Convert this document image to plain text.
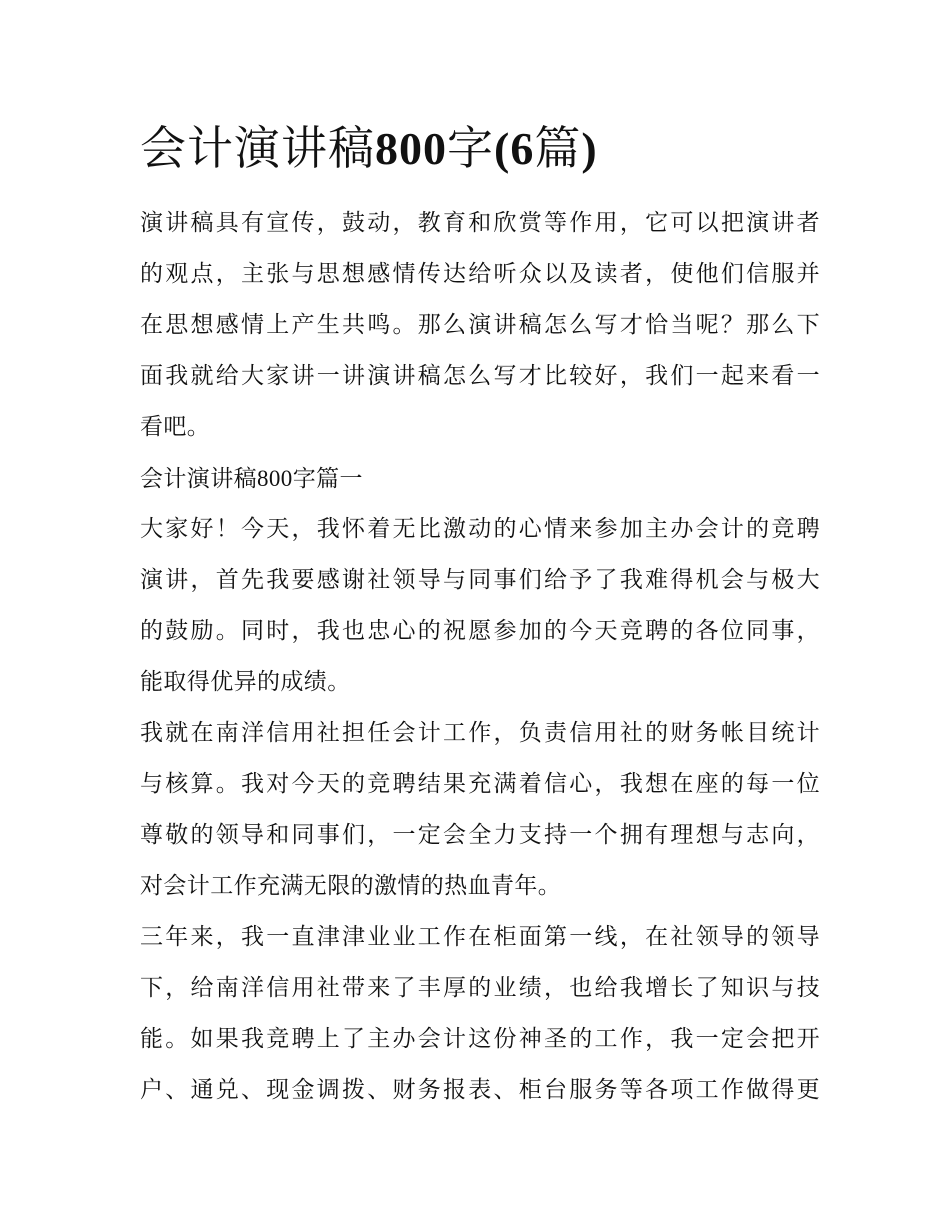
会计演讲稿800字(6篇)
演讲稿具有宣传，鼓动，教育和欣赏等作用，它可以把演讲者
的观点，主张与思想感情传达给听众以及读者，使他们信服并
在思想感情上产生共鸣。那么演讲稿怎么写才恰当呢？那么下
面我就给大家讲一讲演讲稿怎么写才比较好，我们一起来看一
看吧。
会计演讲稿800字篇一
大家好！今天，我怀着无比激动的心情来参加主办会计的竞聘
演讲，首先我要感谢社领导与同事们给予了我难得机会与极大
的鼓励。同时，我也忠心的祝愿参加的今天竞聘的各位同事，
能取得优异的成绩。
我就在南洋信用社担任会计工作，负责信用社的财务帐目统计
与核算。我对今天的竞聘结果充满着信心，我想在座的每一位
尊敬的领导和同事们，一定会全力支持一个拥有理想与志向，
对会计工作充满无限的激情的热血青年。
三年来，我一直津津业业工作在柜面第一线，在社领导的领导
下，给南洋信用社带来了丰厚的业绩，也给我增长了知识与技
能。如果我竞聘上了主办会计这份神圣的工作，我一定会把开
户、通兑、现金调拨、财务报表、柜台服务等各项工作做得更
